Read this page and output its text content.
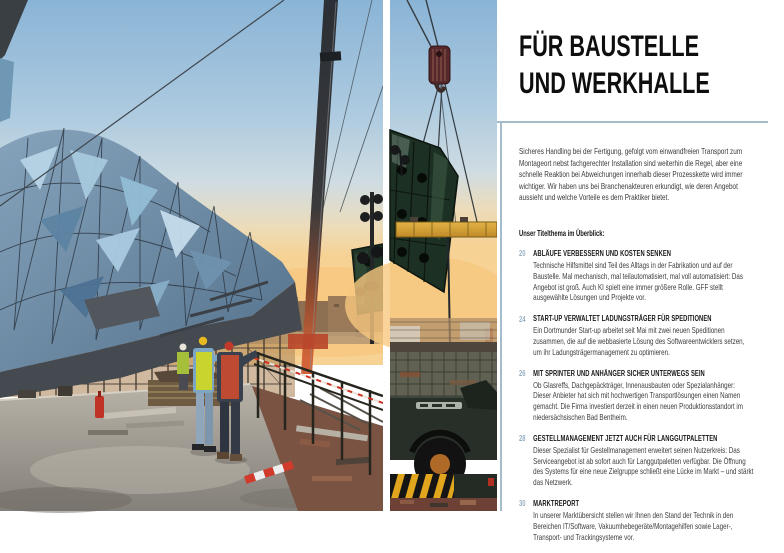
FÜR BAUSTELLE
UND WERKHALLE

Sicheres Handling bei der Fertigung, gefolgt vom einwandfreien Transport zum Montageort nebst fachgerechter Installation sind weiterhin die Regel, aber eine schnelle Reaktion bei Abweichungen innerhalb dieser Prozesskette wird immer wichtiger. Wir haben uns bei Branchenakteuren erkundigt, wie deren Angebot aussieht und welche Vorteile es dem Praktiker bietet.

Unser Titelthema im Überblick:
20 ABLÄUFE VERBESSERN UND KOSTEN SENKEN

Technische Hilfsmittel sind Teil des Alltags in der Fabrikation und auf der Baustelle. Mal mechanisch, mal teilautomatisiert, mal voll automatisiert: Das Angebot ist groß. Auch KI spielt eine immer größere Rolle. GFF stellt ausgewählte Lösungen und Projekte vor.

24 START-UP VERWALTET LADUNGSTRÄGER FÜR SPEDITIONEN

Ein Dortmunder Start-up arbeitet seit Mai mit zwei neuen Speditionen zusammen, die auf die webbasierte Lösung des Softwareentwicklers setzen, um ihr Ladungsträgermanagement zu optimieren.

26 MIT SPRINTER UND ANHÄNGER SICHER UNTERWEGS SEIN

Ob Glasreffs, Dachgepäckträger, Innenausbauten oder Spezialanhänger: Dieser Anbieter hat sich mit hochwertigen Transportlösungen einen Namen gemacht. Die Firma investiert derzeit in einen neuen Produktionsstandort im niedersächsischen Bad Bentheim.

28 GESTELLMANAGEMENT JETZT AUCH FÜR LANGGUTPALETTEN

Dieser Spezialist für Gestellmanagement erweitert seinen Nutzerkreis: Das Serviceangebot ist ab sofort auch für Langgutpaletten verfügbar. Die Öffnung des Systems für eine neue Zielgruppe schließt eine Lücke im Markt – und stärkt das Netzwerk.

30 MARKTREPORT

In unserer Marktübersicht stellen wir Ihnen den Stand der Technik in den Bereichen IT/Software, Vakuumhebegeräte/Montagehilfen sowie Lager-, Transport- und Trackingsysteme vor.
